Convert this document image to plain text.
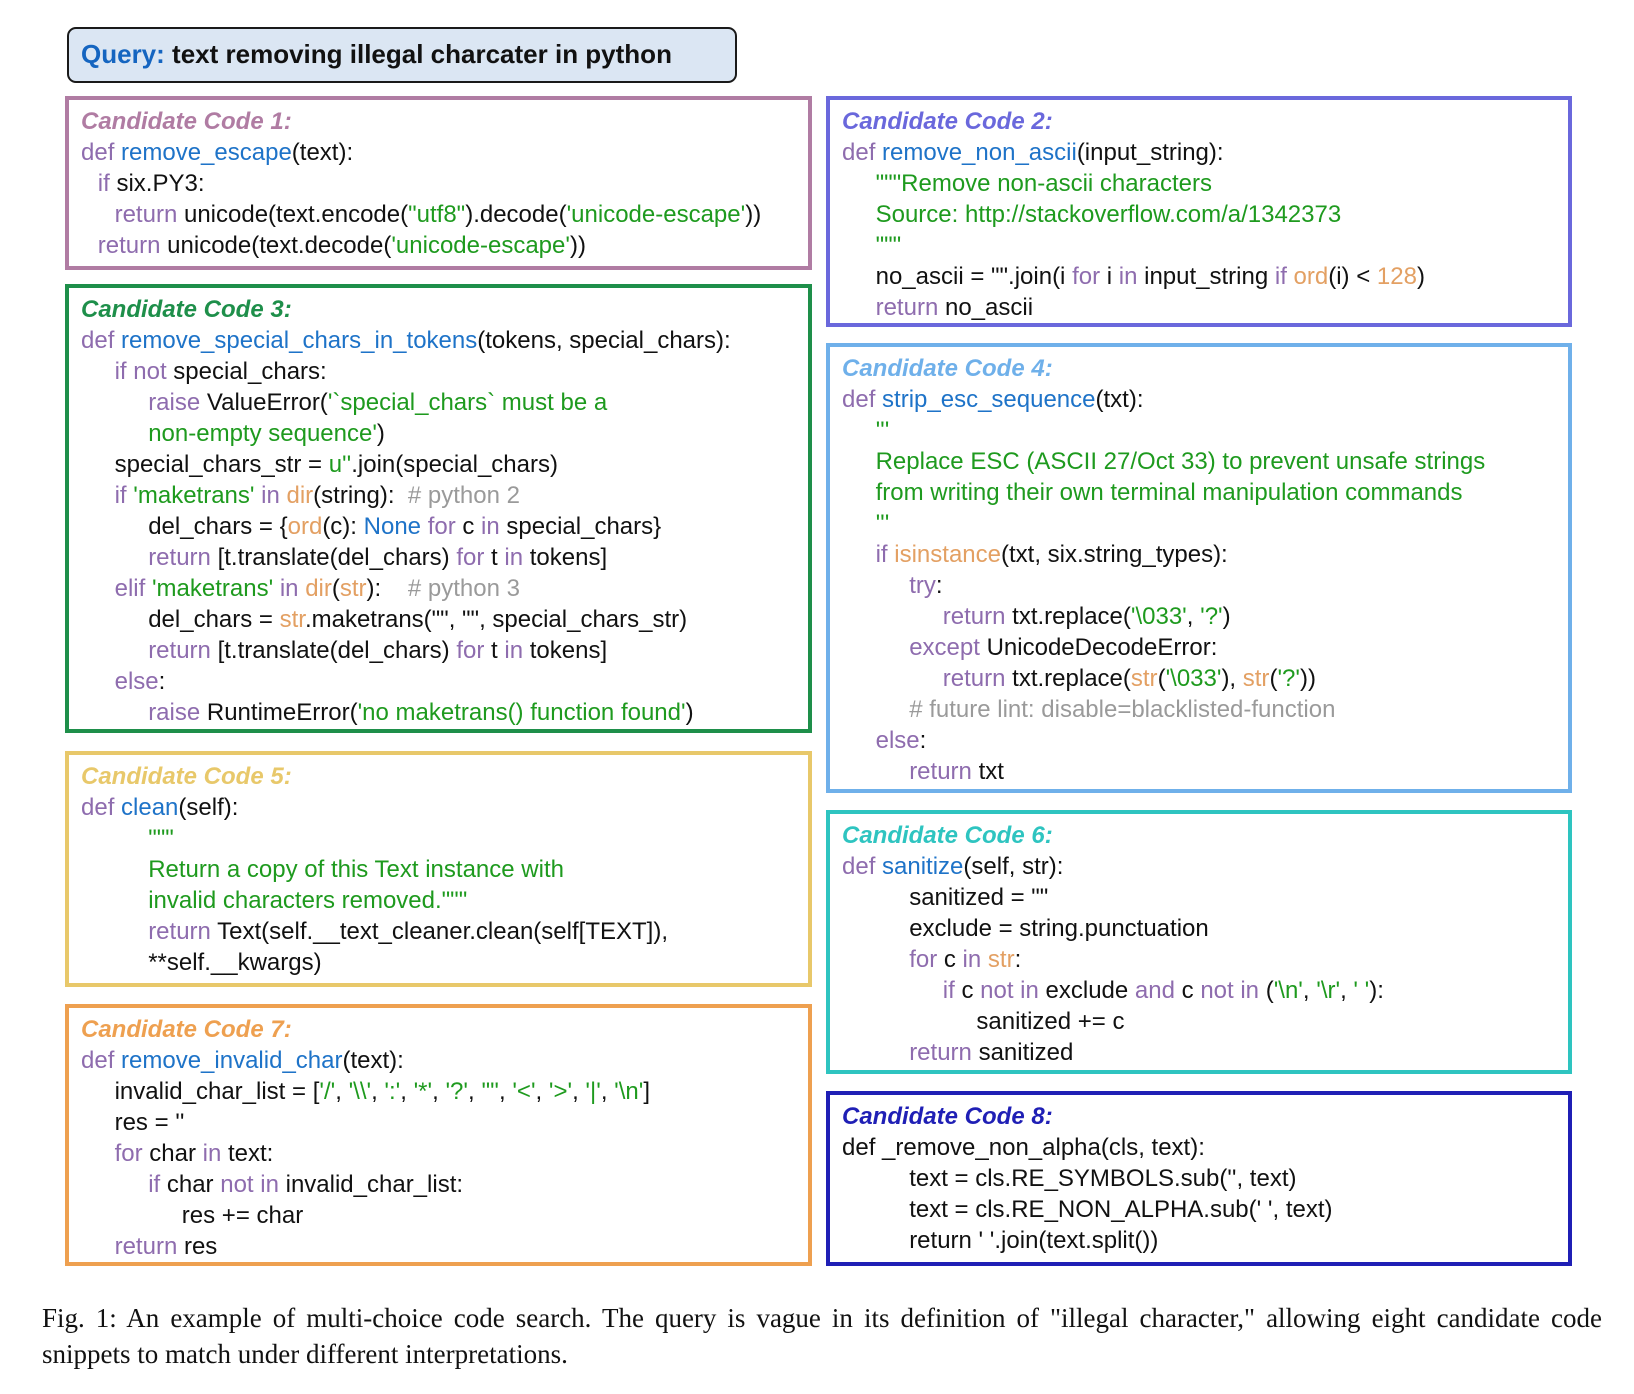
Query: text removing illegal charcater in python
Candidate Code 1:
def remove_escape(text):
if six.PY3:
return unicode(text.encode("utf8").decode('unicode-escape'))
return unicode(text.decode('unicode-escape'))
Candidate Code 3:
def remove_special_chars_in_tokens(tokens, special_chars):
if not special_chars:
raise ValueError('`special_chars` must be a
non-empty sequence')
special_chars_str = u''.join(special_chars)
if 'maketrans' in dir(string):  # python 2
del_chars = {ord(c): None for c in special_chars}
return [t.translate(del_chars) for t in tokens]
elif 'maketrans' in dir(str):    # python 3
del_chars = str.maketrans("", "", special_chars_str)
return [t.translate(del_chars) for t in tokens]
else:
raise RuntimeError('no maketrans() function found')
Candidate Code 5:
def clean(self):
"""
Return a copy of this Text instance with
invalid characters removed."""
return Text(self.__text_cleaner.clean(self[TEXT]),
**self.__kwargs)
Candidate Code 7:
def remove_invalid_char(text):
invalid_char_list = ['/', '\\', ':', '*', '?', '"', '<', '>', '|', '\n']
res = ''
for char in text:
if char not in invalid_char_list:
res += char
return res
Candidate Code 2:
def remove_non_ascii(input_string):
"""Remove non-ascii characters
Source: http://stackoverflow.com/a/1342373
"""
no_ascii = "".join(i for i in input_string if ord(i) < 128)
return no_ascii
Candidate Code 4:
def strip_esc_sequence(txt):
'''
Replace ESC (ASCII 27/Oct 33) to prevent unsafe strings
from writing their own terminal manipulation commands
'''
if isinstance(txt, six.string_types):
try:
return txt.replace('\033', '?')
except UnicodeDecodeError:
return txt.replace(str('\033'), str('?'))
# future lint: disable=blacklisted-function
else:
return txt
Candidate Code 6:
def sanitize(self, str):
sanitized = ""
exclude = string.punctuation
for c in str:
if c not in exclude and c not in ('\n', '\r', ' '):
sanitized += c
return sanitized
Candidate Code 8:
def _remove_non_alpha(cls, text):
text = cls.RE_SYMBOLS.sub('', text)
text = cls.RE_NON_ALPHA.sub(' ', text)
return ' '.join(text.split())
Fig. 1: An example of multi-choice code search. The query is vague in its definition of "illegal character," allowing eight candidate code snippets to match under different interpretations.
